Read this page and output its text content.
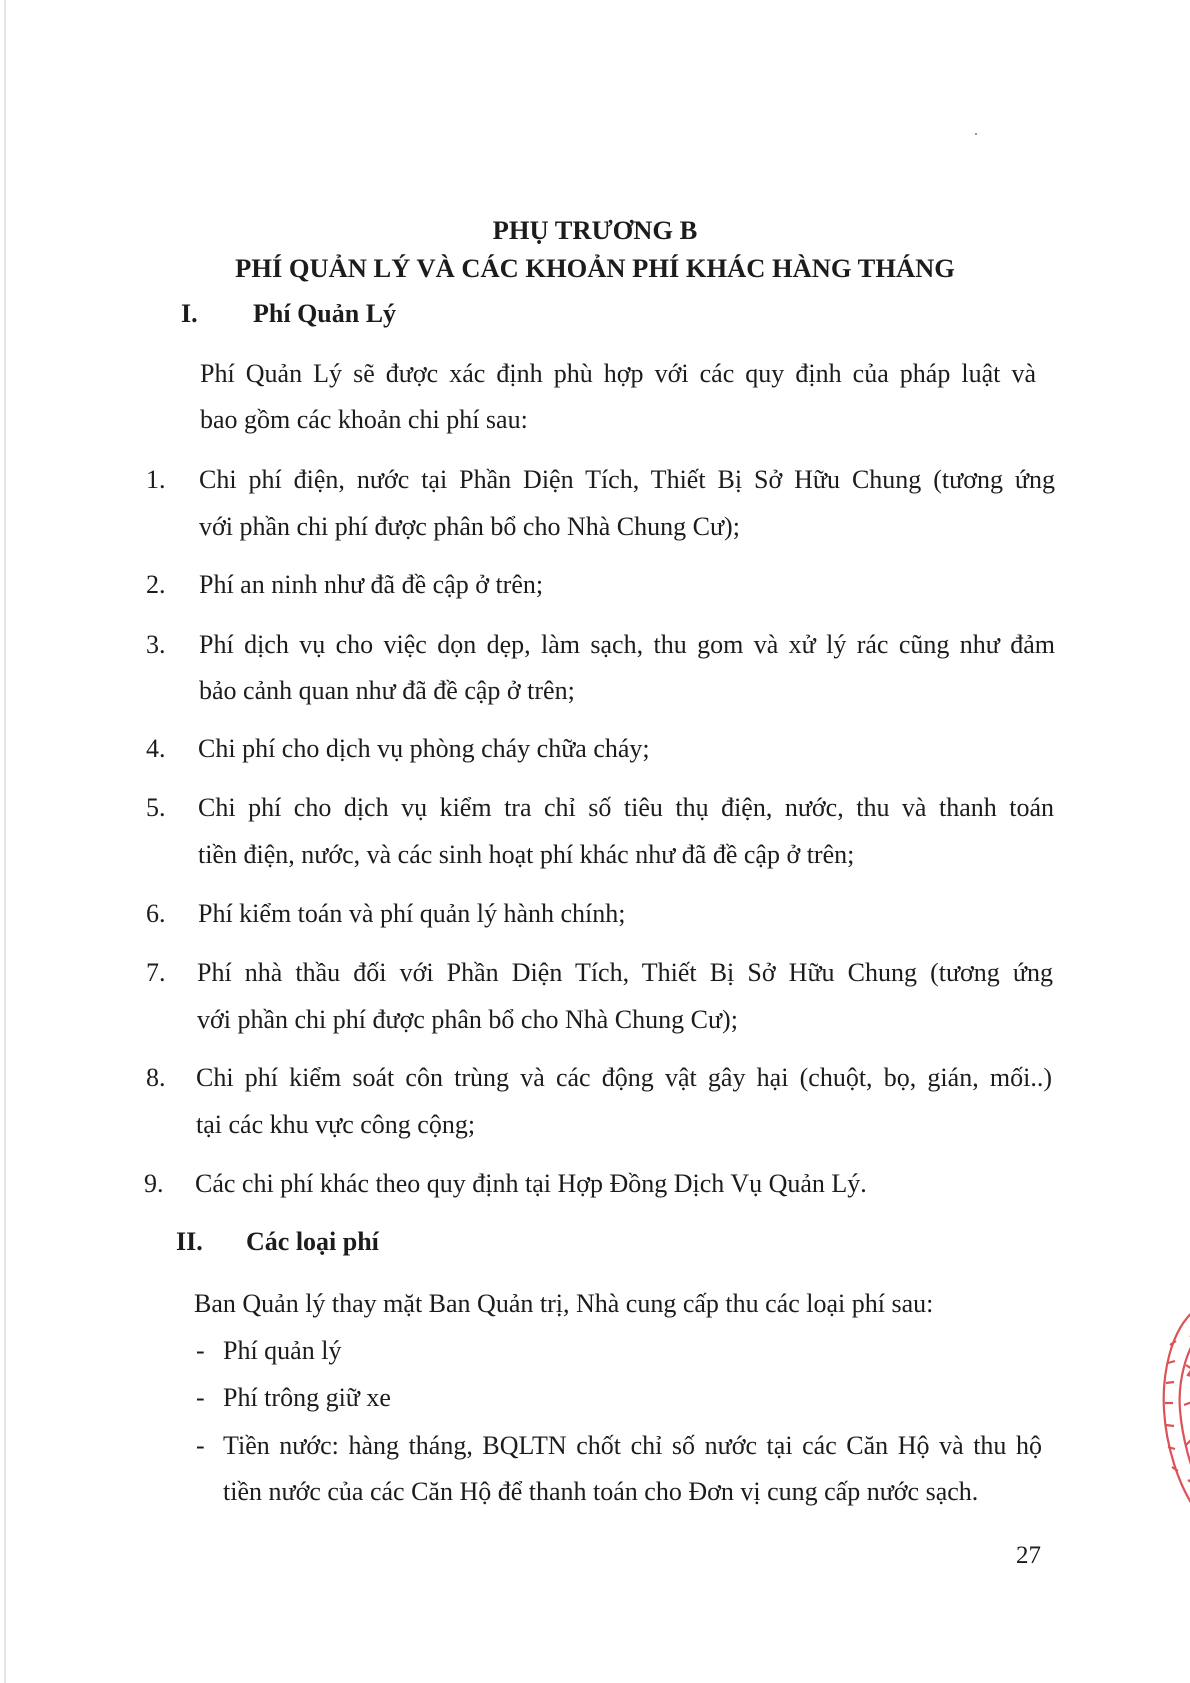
PHỤ TRƯƠNG B
PHÍ QUẢN LÝ VÀ CÁC KHOẢN PHÍ KHÁC HÀNG THÁNG
I. Phí Quản Lý
Phí Quản Lý sẽ được xác định phù hợp với các quy định của pháp luật và
bao gồm các khoản chi phí sau:
1. Chi phí điện, nước tại Phần Diện Tích, Thiết Bị Sở Hữu Chung (tương ứng
với phần chi phí được phân bổ cho Nhà Chung Cư);
2. Phí an ninh như đã đề cập ở trên;
3. Phí dịch vụ cho việc dọn dẹp, làm sạch, thu gom và xử lý rác cũng như đảm
bảo cảnh quan như đã đề cập ở trên;
4. Chi phí cho dịch vụ phòng cháy chữa cháy;
5. Chi phí cho dịch vụ kiểm tra chỉ số tiêu thụ điện, nước, thu và thanh toán
tiền điện, nước, và các sinh hoạt phí khác như đã đề cập ở trên;
6. Phí kiểm toán và phí quản lý hành chính;
7. Phí nhà thầu đối với Phần Diện Tích, Thiết Bị Sở Hữu Chung (tương ứng
với phần chi phí được phân bổ cho Nhà Chung Cư);
8. Chi phí kiểm soát côn trùng và các động vật gây hại (chuột, bọ, gián, mối..)
tại các khu vực công cộng;
9. Các chi phí khác theo quy định tại Hợp Đồng Dịch Vụ Quản Lý.
II. Các loại phí
Ban Quản lý thay mặt Ban Quản trị, Nhà cung cấp thu các loại phí sau:
- Phí quản lý
- Phí trông giữ xe
- Tiền nước: hàng tháng, BQLTN chốt chỉ số nước tại các Căn Hộ và thu hộ
tiền nước của các Căn Hộ để thanh toán cho Đơn vị cung cấp nước sạch.
27
